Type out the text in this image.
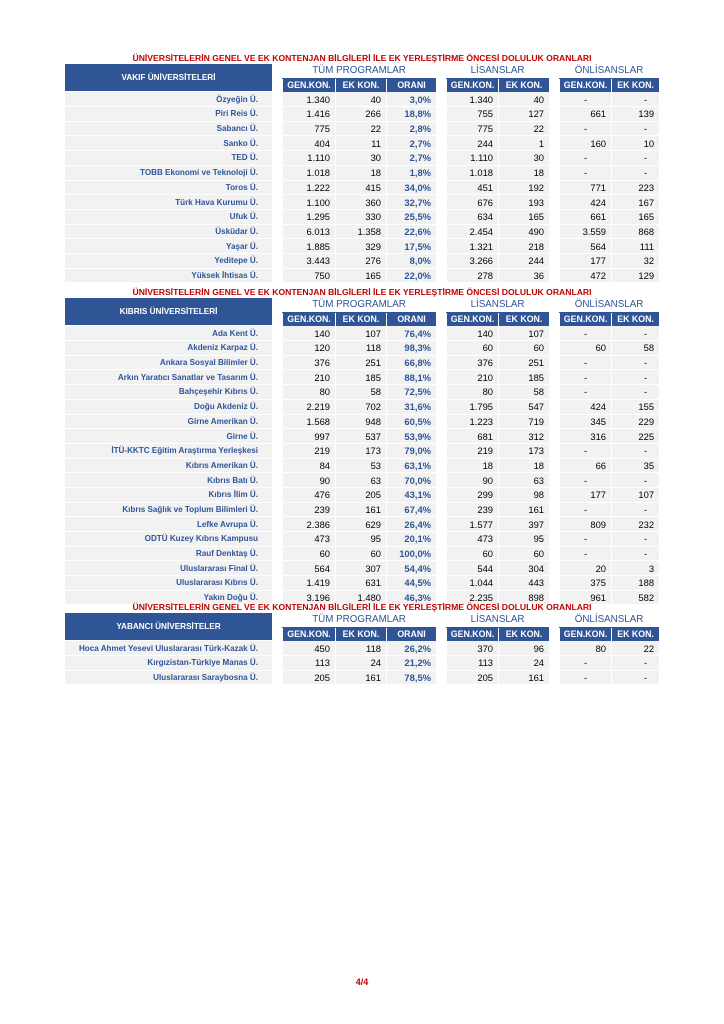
ÜNİVERSİTELERİN GENEL VE EK KONTENJAN BİLGİLERİ İLE EK YERLEŞTİRME ÖNCESİ DOLULUK ORANLARI
VAKIF ÜNİVERSİTELERİ		TÜM PROGRAMLAR				LİSANSLAR			ÖNLİSANSLAR	
		GEN.KON.	EK KON.	ORANI		GEN.KON.	EK KON.		GEN.KON.	EK KON.
Özyeğin Ü.		1.340	40	3,0%		1.340	40		-	-
Piri Reis Ü.		1.416	266	18,8%		755	127		661	139
Sabancı Ü.		775	22	2,8%		775	22		-	-
Sanko Ü.		404	11	2,7%		244	1		160	10
TED Ü.		1.110	30	2,7%		1.110	30		-	-
TOBB Ekonomi ve Teknoloji Ü.		1.018	18	1,8%		1.018	18		-	-
Toros Ü.		1.222	415	34,0%		451	192		771	223
Türk Hava Kurumu Ü.		1.100	360	32,7%		676	193		424	167
Ufuk Ü.		1.295	330	25,5%		634	165		661	165
Üsküdar Ü.		6.013	1.358	22,6%		2.454	490		3.559	868
Yaşar Ü.		1.885	329	17,5%		1.321	218		564	111
Yeditepe Ü.		3.443	276	8,0%		3.266	244		177	32
Yüksek İhtisas Ü.		750	165	22,0%		278	36		472	129
ÜNİVERSİTELERİN GENEL VE EK KONTENJAN BİLGİLERİ İLE EK YERLEŞTİRME ÖNCESİ DOLULUK ORANLARI
KIBRIS ÜNİVERSİTELERİ		TÜM PROGRAMLAR				LİSANSLAR			ÖNLİSANSLAR	
		GEN.KON.	EK KON.	ORANI		GEN.KON.	EK KON.		GEN.KON.	EK KON.
Ada Kent Ü.		140	107	76,4%		140	107		-	-
Akdeniz Karpaz Ü.		120	118	98,3%		60	60		60	58
Ankara Sosyal Bilimler Ü.		376	251	66,8%		376	251		-	-
Arkın Yaratıcı Sanatlar ve Tasarım Ü.		210	185	88,1%		210	185		-	-
Bahçeşehir Kıbrıs Ü.		80	58	72,5%		80	58		-	-
Doğu Akdeniz Ü.		2.219	702	31,6%		1.795	547		424	155
Girne Amerikan Ü.		1.568	948	60,5%		1.223	719		345	229
Girne Ü.		997	537	53,9%		681	312		316	225
İTÜ-KKTC Eğitim Araştırma Yerleşkesi		219	173	79,0%		219	173		-	-
Kıbrıs Amerikan Ü.		84	53	63,1%		18	18		66	35
Kıbrıs Batı Ü.		90	63	70,0%		90	63		-	-
Kıbrıs İlim Ü.		476	205	43,1%		299	98		177	107
Kıbrıs Sağlık ve Toplum Bilimleri Ü.		239	161	67,4%		239	161		-	-
Lefke Avrupa Ü.		2.386	629	26,4%		1.577	397		809	232
ODTÜ Kuzey Kıbrıs Kampusu		473	95	20,1%		473	95		-	-
Rauf Denktaş Ü.		60	60	100,0%		60	60		-	-
Uluslararası Final Ü.		564	307	54,4%		544	304		20	3
Uluslararası Kıbrıs Ü.		1.419	631	44,5%		1.044	443		375	188
Yakın Doğu Ü.		3.196	1.480	46,3%		2.235	898		961	582
ÜNİVERSİTELERİN GENEL VE EK KONTENJAN BİLGİLERİ İLE EK YERLEŞTİRME ÖNCESİ DOLULUK ORANLARI
YABANCI ÜNİVERSİTELER		TÜM PROGRAMLAR				LİSANSLAR			ÖNLİSANSLAR	
		GEN.KON.	EK KON.	ORANI		GEN.KON.	EK KON.		GEN.KON.	EK KON.
Hoca Ahmet Yesevi Uluslararası Türk-Kazak Ü.		450	118	26,2%		370	96		80	22
Kırgızistan-Türkiye Manas Ü.		113	24	21,2%		113	24		-	-
Uluslararası Saraybosna Ü.		205	161	78,5%		205	161		-	-
4/4
